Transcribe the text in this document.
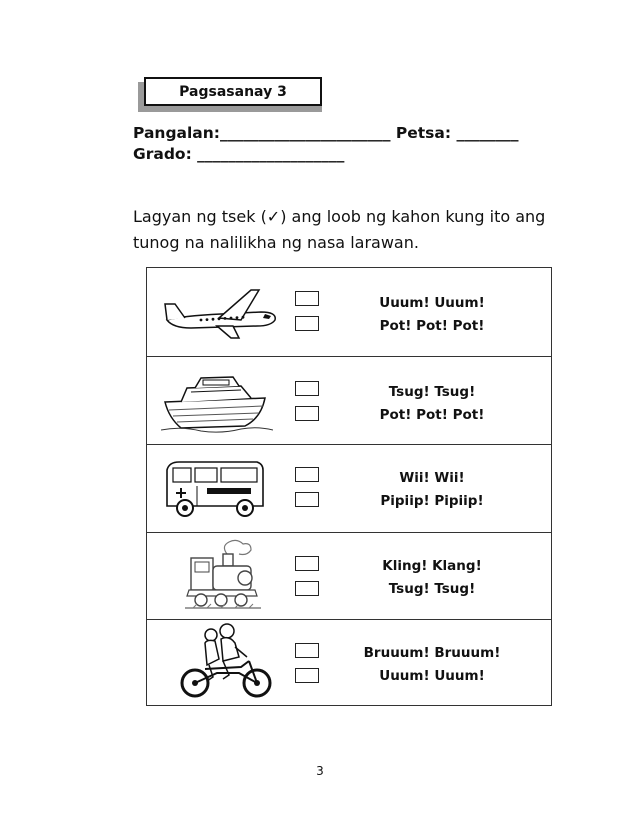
Pagsasanay 3
Pangalan:______________________ Petsa: ________
Grado: ___________________
Lagyan ng tsek (✓) ang loob ng kahon kung ito ang tunog na nalilikha ng nasa larawan.
Uuum! Uuum!
Pot! Pot! Pot!
Tsug! Tsug!
Pot! Pot! Pot!
Wii! Wii!
Pipiip! Pipiip!
Kling! Klang!
Tsug! Tsug!
Bruuum! Bruuum!
Uuum! Uuum!
3
